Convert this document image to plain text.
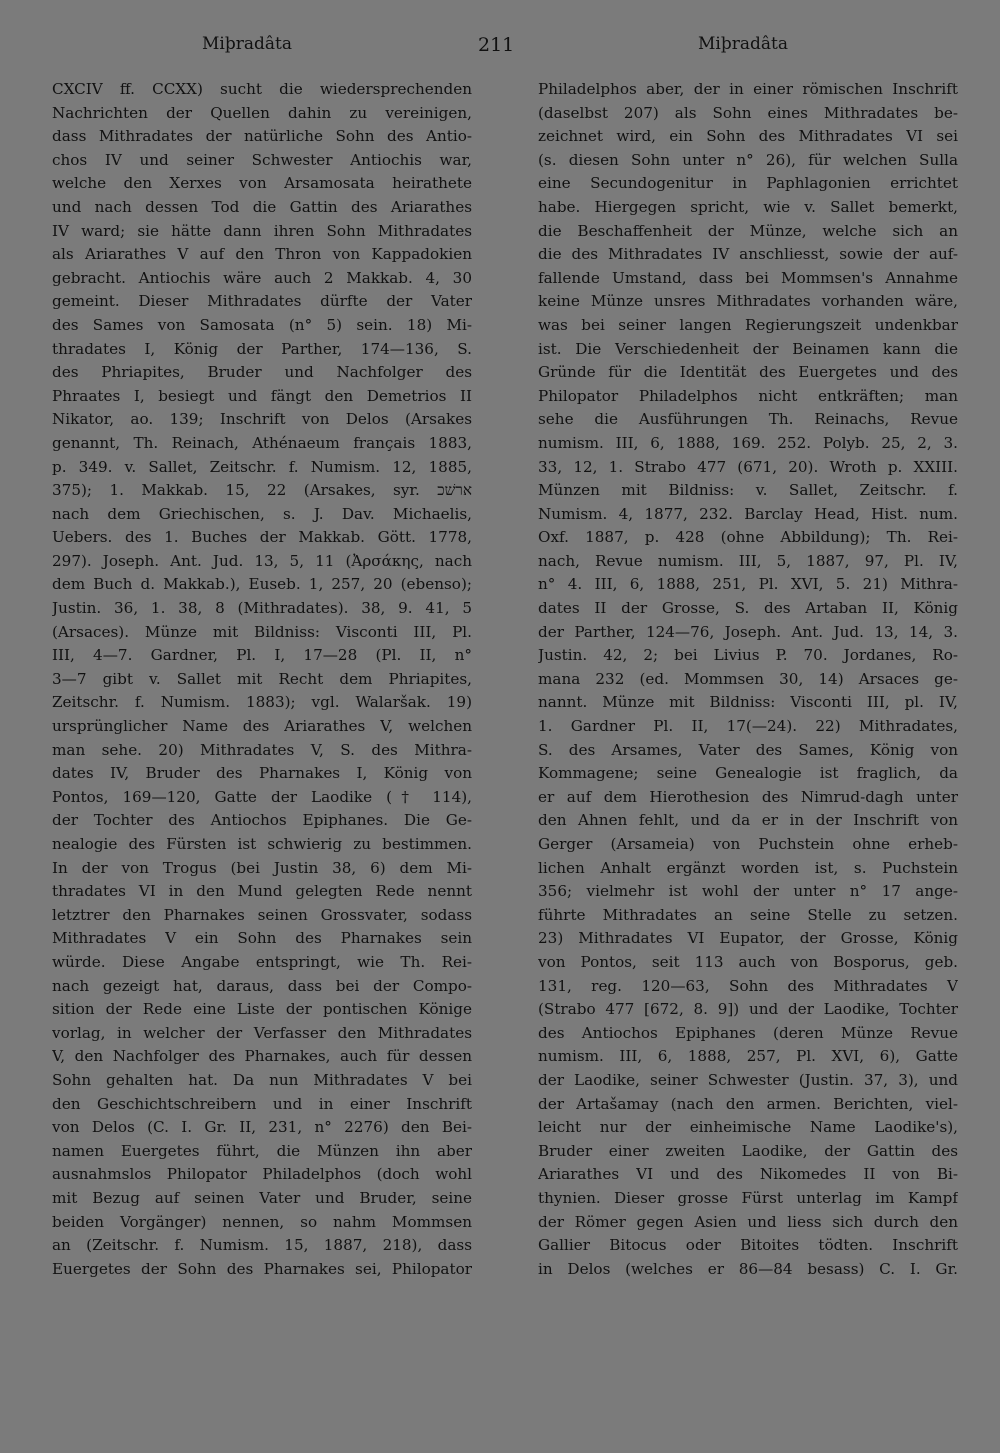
Miþradâta	211	Miþradâta
CXCIV ff. CCXX) sucht die wiedersprechenden
Nachrichten der Quellen dahin zu vereinigen,
dass Mithradates der natürliche Sohn des Antio-
chos IV und seiner Schwester Antiochis war,
welche den Xerxes von Arsamosata heirathete
und nach dessen Tod die Gattin des Ariarathes
IV ward; sie hätte dann ihren Sohn Mithradates
als Ariarathes V auf den Thron von Kappadokien
gebracht. Antiochis wäre auch 2 Makkab. 4, 30
gemeint. Dieser Mithradates dürfte der Vater
des Sames von Samosata (n° 5) sein. 18) Mi-
thradates I, König der Parther, 174—136, S.
des Phriapites, Bruder und Nachfolger des
Phraates I, besiegt und fängt den Demetrios II
Nikator, ao. 139; Inschrift von Delos (Arsakes
genannt, Th. Reinach, Athénaeum français 1883,
p. 349. v. Sallet, Zeitschr. f. Numism. 12, 1885,
375); 1. Makkab. 15, 22 (Arsakes, syr. ארשׁכ
nach dem Griechischen, s. J. Dav. Michaelis,
Uebers. des 1. Buches der Makkab. Gött. 1778,
297). Joseph. Ant. Jud. 13, 5, 11 (Ἀρσάκης, nach
dem Buch d. Makkab.), Euseb. 1, 257, 20 (ebenso);
Justin. 36, 1. 38, 8 (Mithradates). 38, 9. 41, 5
(Arsaces). Münze mit Bildniss: Visconti III, Pl.
III, 4—7. Gardner, Pl. I, 17—28 (Pl. II, n°
3—7 gibt v. Sallet mit Recht dem Phriapites,
Zeitschr. f. Numism. 1883); vgl. Walaršak. 19)
ursprünglicher Name des Ariarathes V, welchen
man sehe. 20) Mithradates V, S. des Mithra-
dates IV, Bruder des Pharnakes I, König von
Pontos, 169—120, Gatte der Laodike († 114),
der Tochter des Antiochos Epiphanes. Die Ge-
nealogie des Fürsten ist schwierig zu bestimmen.
In der von Trogus (bei Justin 38, 6) dem Mi-
thradates VI in den Mund gelegten Rede nennt
letztrer den Pharnakes seinen Grossvater, sodass
Mithradates V ein Sohn des Pharnakes sein
würde. Diese Angabe entspringt, wie Th. Rei-
nach gezeigt hat, daraus, dass bei der Compo-
sition der Rede eine Liste der pontischen Könige
vorlag, in welcher der Verfasser den Mithradates
V, den Nachfolger des Pharnakes, auch für dessen
Sohn gehalten hat. Da nun Mithradates V bei
den Geschichtschreibern und in einer Inschrift
von Delos (C. I. Gr. II, 231, n° 2276) den Bei-
namen Euergetes führt, die Münzen ihn aber
ausnahmslos Philopator Philadelphos (doch wohl
mit Bezug auf seinen Vater und Bruder, seine
beiden Vorgänger) nennen, so nahm Mommsen
an (Zeitschr. f. Numism. 15, 1887, 218), dass
Euergetes der Sohn des Pharnakes sei, Philopator
Philadelphos aber, der in einer römischen Inschrift
(daselbst 207) als Sohn eines Mithradates be-
zeichnet wird, ein Sohn des Mithradates VI sei
(s. diesen Sohn unter n° 26), für welchen Sulla
eine Secundogenitur in Paphlagonien errichtet
habe. Hiergegen spricht, wie v. Sallet bemerkt,
die Beschaffenheit der Münze, welche sich an
die des Mithradates IV anschliesst, sowie der auf-
fallende Umstand, dass bei Mommsen's Annahme
keine Münze unsres Mithradates vorhanden wäre,
was bei seiner langen Regierungszeit undenkbar
ist. Die Verschiedenheit der Beinamen kann die
Gründe für die Identität des Euergetes und des
Philopator Philadelphos nicht entkräften; man
sehe die Ausführungen Th. Reinachs, Revue
numism. III, 6, 1888, 169. 252. Polyb. 25, 2, 3.
33, 12, 1. Strabo 477 (671, 20). Wroth p. XXIII.
Münzen mit Bildniss: v. Sallet, Zeitschr. f.
Numism. 4, 1877, 232. Barclay Head, Hist. num.
Oxf. 1887, p. 428 (ohne Abbildung); Th. Rei-
nach, Revue numism. III, 5, 1887, 97, Pl. IV,
n° 4. III, 6, 1888, 251, Pl. XVI, 5. 21) Mithra-
dates II der Grosse, S. des Artaban II, König
der Parther, 124—76, Joseph. Ant. Jud. 13, 14, 3.
Justin. 42, 2; bei Livius P. 70. Jordanes, Ro-
mana 232 (ed. Mommsen 30, 14) Arsaces ge-
nannt. Münze mit Bildniss: Visconti III, pl. IV,
1. Gardner Pl. II, 17(—24). 22) Mithradates,
S. des Arsames, Vater des Sames, König von
Kommagene; seine Genealogie ist fraglich, da
er auf dem Hierothesion des Nimrud-dagh unter
den Ahnen fehlt, und da er in der Inschrift von
Gerger (Arsameia) von Puchstein ohne erheb-
lichen Anhalt ergänzt worden ist, s. Puchstein
356; vielmehr ist wohl der unter n° 17 ange-
führte Mithradates an seine Stelle zu setzen.
23) Mithradates VI Eupator, der Grosse, König
von Pontos, seit 113 auch von Bosporus, geb.
131, reg. 120—63, Sohn des Mithradates V
(Strabo 477 [672, 8. 9]) und der Laodike, Tochter
des Antiochos Epiphanes (deren Münze Revue
numism. III, 6, 1888, 257, Pl. XVI, 6), Gatte
der Laodike, seiner Schwester (Justin. 37, 3), und
der Artašamay (nach den armen. Berichten, viel-
leicht nur der einheimische Name Laodike's),
Bruder einer zweiten Laodike, der Gattin des
Ariarathes VI und des Nikomedes II von Bi-
thynien. Dieser grosse Fürst unterlag im Kampf
der Römer gegen Asien und liess sich durch den
Gallier Bitocus oder Bitoites tödten. Inschrift
in Delos (welches er 86—84 besass) C. I. Gr.
